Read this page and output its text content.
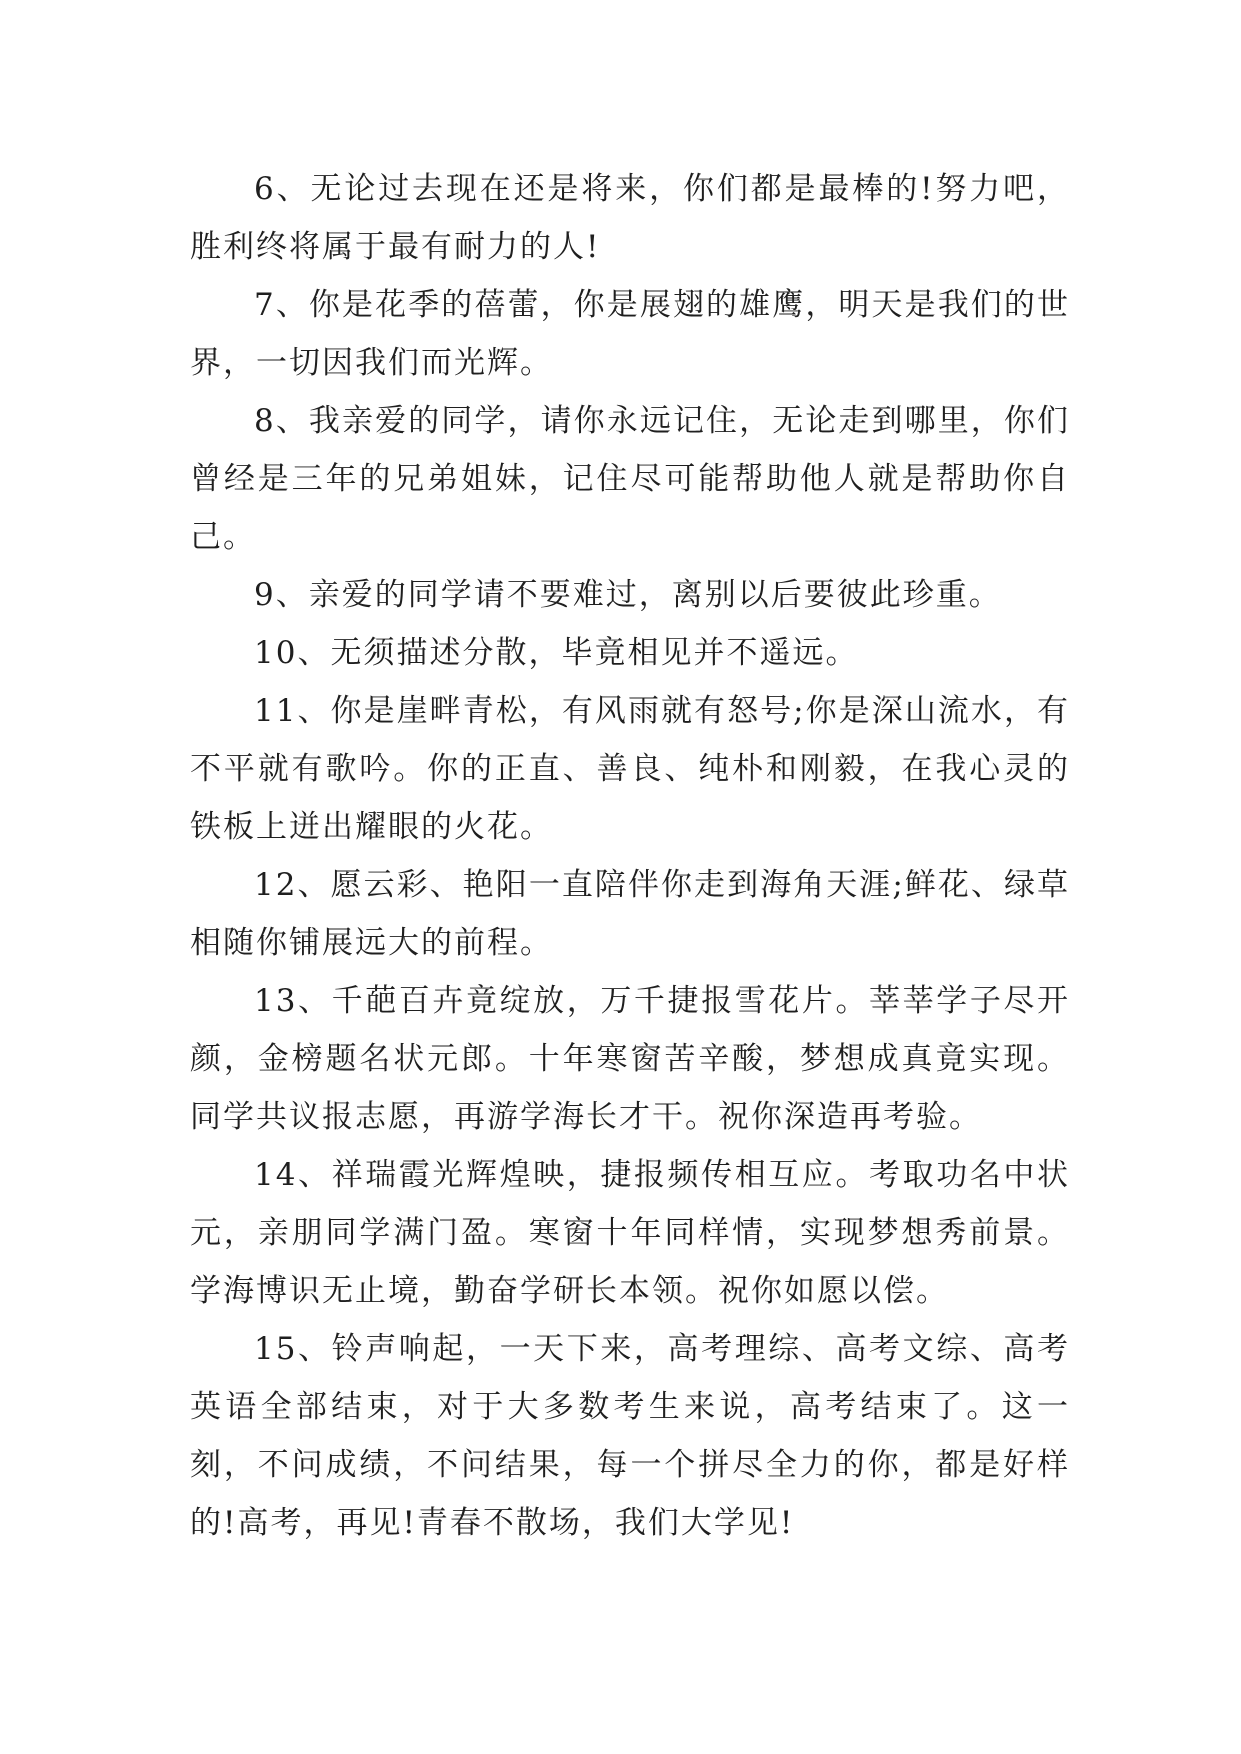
6、无论过去现在还是将来，你们都是最棒的!努力吧，胜利终将属于最有耐力的人!

7、你是花季的蓓蕾，你是展翅的雄鹰，明天是我们的世界，一切因我们而光辉。

8、我亲爱的同学，请你永远记住，无论走到哪里，你们曾经是三年的兄弟姐妹，记住尽可能帮助他人就是帮助你自己。

9、亲爱的同学请不要难过，离别以后要彼此珍重。

10、无须描述分散，毕竟相见并不遥远。

11、你是崖畔青松，有风雨就有怒号;你是深山流水，有不平就有歌吟。你的正直、善良、纯朴和刚毅，在我心灵的铁板上迸出耀眼的火花。

12、愿云彩、艳阳一直陪伴你走到海角天涯;鲜花、绿草相随你铺展远大的前程。

13、千葩百卉竟绽放，万千捷报雪花片。莘莘学子尽开颜，金榜题名状元郎。十年寒窗苦辛酸，梦想成真竟实现。同学共议报志愿，再游学海长才干。祝你深造再考验。

14、祥瑞霞光辉煌映，捷报频传相互应。考取功名中状元，亲朋同学满门盈。寒窗十年同样情，实现梦想秀前景。学海博识无止境，勤奋学研长本领。祝你如愿以偿。

15、铃声响起，一天下来，高考理综、高考文综、高考英语全部结束，对于大多数考生来说，高考结束了。这一刻，不问成绩，不问结果，每一个拼尽全力的你，都是好样的!高考，再见!青春不散场，我们大学见!
